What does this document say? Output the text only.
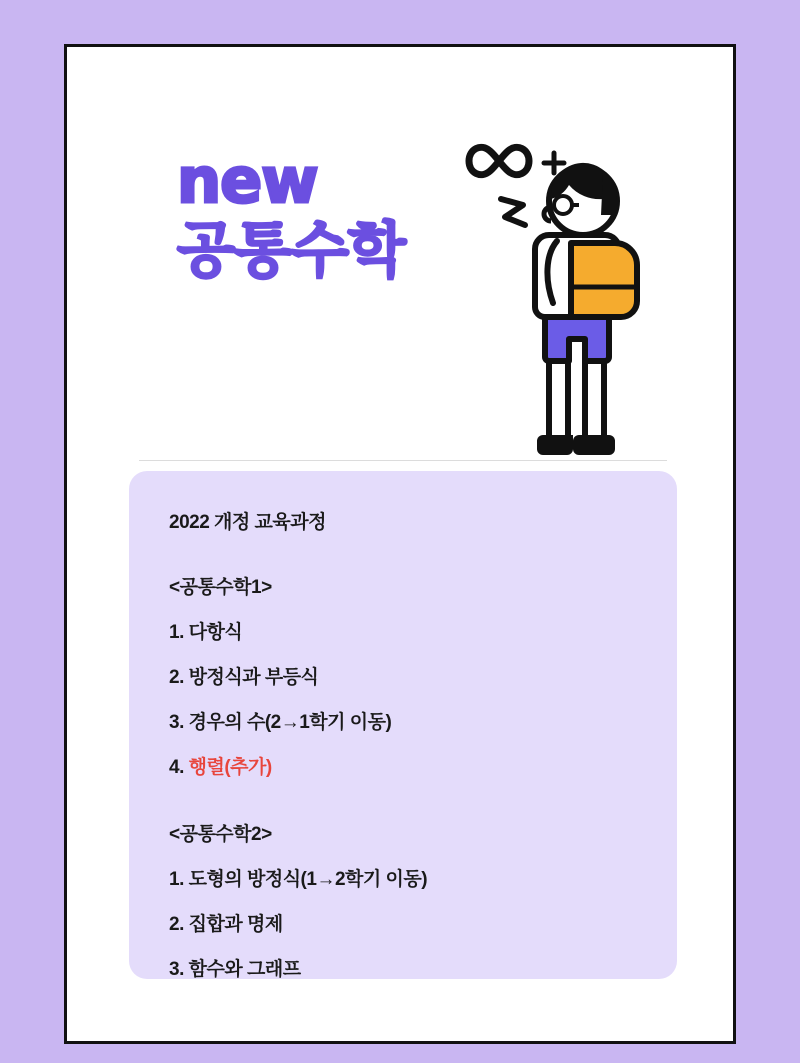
new
공통수학
2022 개정 교육과정
<공통수학1>
1. 다항식
2. 방정식과 부등식
3. 경우의 수(2→1학기 이동)
4. 행렬(추가)
<공통수학2>
1. 도형의 방정식(1→2학기 이동)
2. 집합과 명제
3. 함수와 그래프
